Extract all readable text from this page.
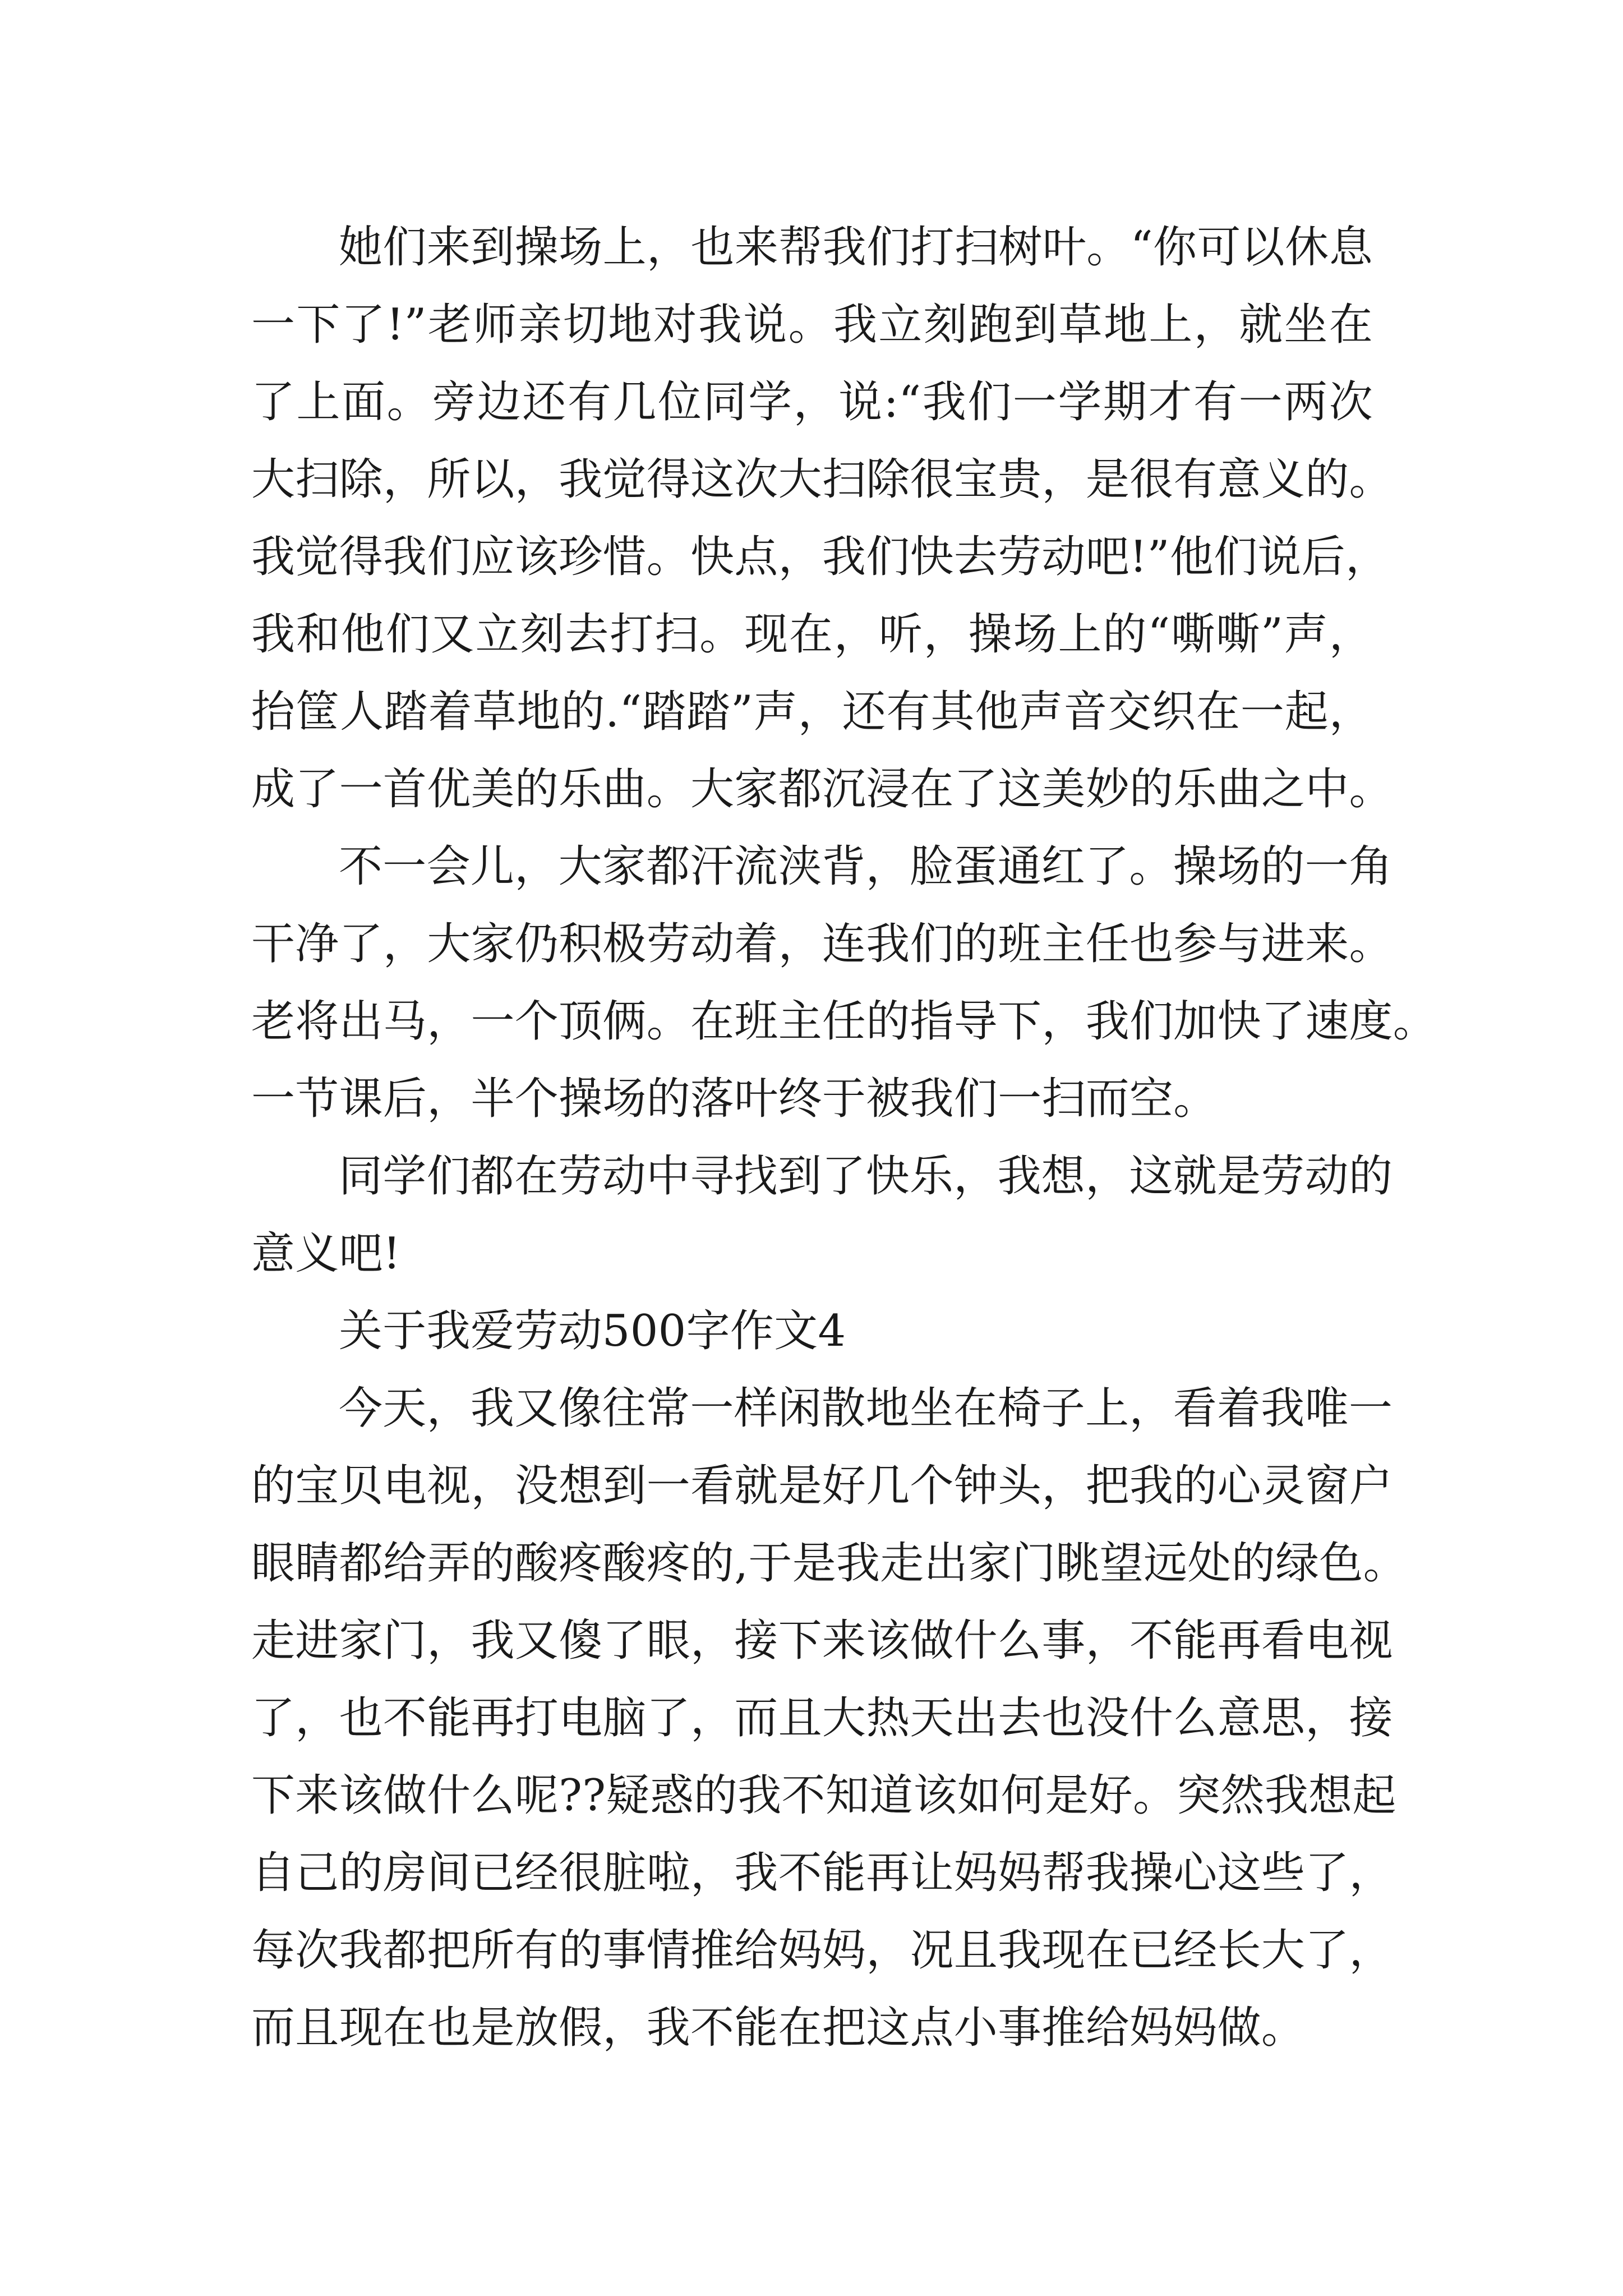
她们来到操场上，也来帮我们打扫树叶。“你可以休息
一下了!”老师亲切地对我说。我立刻跑到草地上，就坐在
了上面。旁边还有几位同学，说:“我们一学期才有一两次
大扫除，所以，我觉得这次大扫除很宝贵，是很有意义的。
我觉得我们应该珍惜。快点，我们快去劳动吧!”他们说后，
我和他们又立刻去打扫。现在，听，操场上的“嘶嘶”声，
抬筐人踏着草地的.“踏踏”声，还有其他声音交织在一起，
成了一首优美的乐曲。大家都沉浸在了这美妙的乐曲之中。
不一会儿，大家都汗流浃背，脸蛋通红了。操场的一角
干净了，大家仍积极劳动着，连我们的班主任也参与进来。
老将出马，一个顶俩。在班主任的指导下，我们加快了速度。
一节课后，半个操场的落叶终于被我们一扫而空。
同学们都在劳动中寻找到了快乐，我想，这就是劳动的
意义吧!
关于我爱劳动500字作文4
今天，我又像往常一样闲散地坐在椅子上，看着我唯一
的宝贝电视，没想到一看就是好几个钟头，把我的心灵窗户
眼睛都给弄的酸疼酸疼的,于是我走出家门眺望远处的绿色。
走进家门，我又傻了眼，接下来该做什么事，不能再看电视
了，也不能再打电脑了，而且大热天出去也没什么意思，接
下来该做什么呢??疑惑的我不知道该如何是好。突然我想起
自己的房间已经很脏啦，我不能再让妈妈帮我操心这些了，
每次我都把所有的事情推给妈妈，况且我现在已经长大了，
而且现在也是放假，我不能在把这点小事推给妈妈做。
